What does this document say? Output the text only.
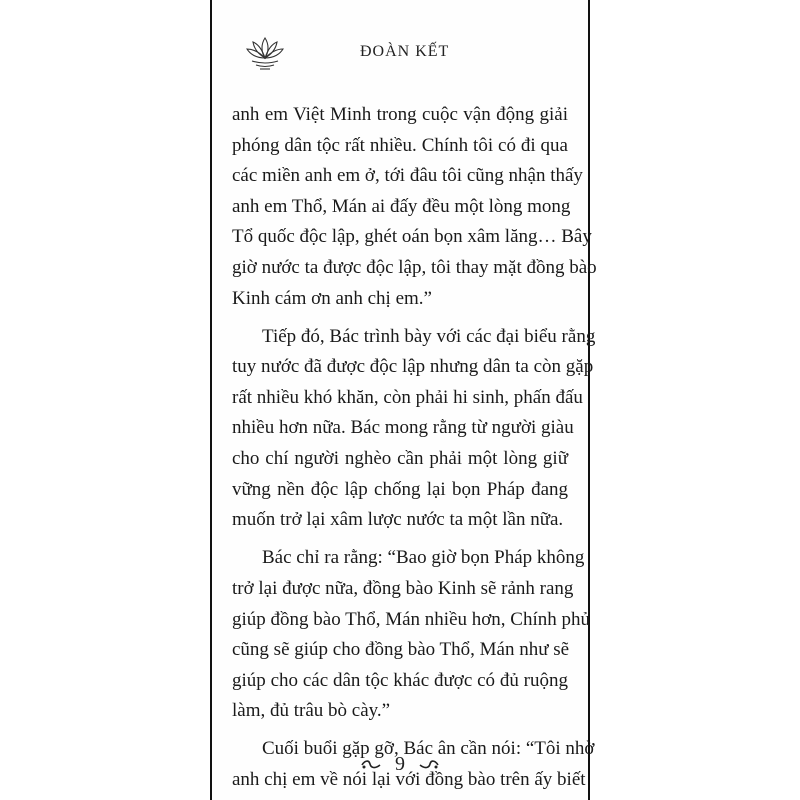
ĐOÀN KẾT
anh em Việt Minh trong cuộc vận động giải
phóng dân tộc rất nhiều. Chính tôi có đi qua
các miền anh em ở, tới đâu tôi cũng nhận thấy
anh em Thổ, Mán ai đấy đều một lòng mong
Tổ quốc độc lập, ghét oán bọn xâm lăng… Bây
giờ nước ta được độc lập, tôi thay mặt đồng bào
Kinh cám ơn anh chị em.”
Tiếp đó, Bác trình bày với các đại biểu rằng
tuy nước đã được độc lập nhưng dân ta còn gặp
rất nhiều khó khăn, còn phải hi sinh, phấn đấu
nhiều hơn nữa. Bác mong rằng từ người giàu
cho chí người nghèo cần phải một lòng giữ
vững nền độc lập chống lại bọn Pháp đang
muốn trở lại xâm lược nước ta một lần nữa.
Bác chỉ ra rằng: “Bao giờ bọn Pháp không
trở lại được nữa, đồng bào Kinh sẽ rảnh rang
giúp đồng bào Thổ, Mán nhiều hơn, Chính phủ
cũng sẽ giúp cho đồng bào Thổ, Mán như sẽ
giúp cho các dân tộc khác được có đủ ruộng
làm, đủ trâu bò cày.”
Cuối buổi gặp gỡ, Bác ân cần nói: “Tôi nhờ
anh chị em về nói lại với đồng bào trên ấy biết
9
